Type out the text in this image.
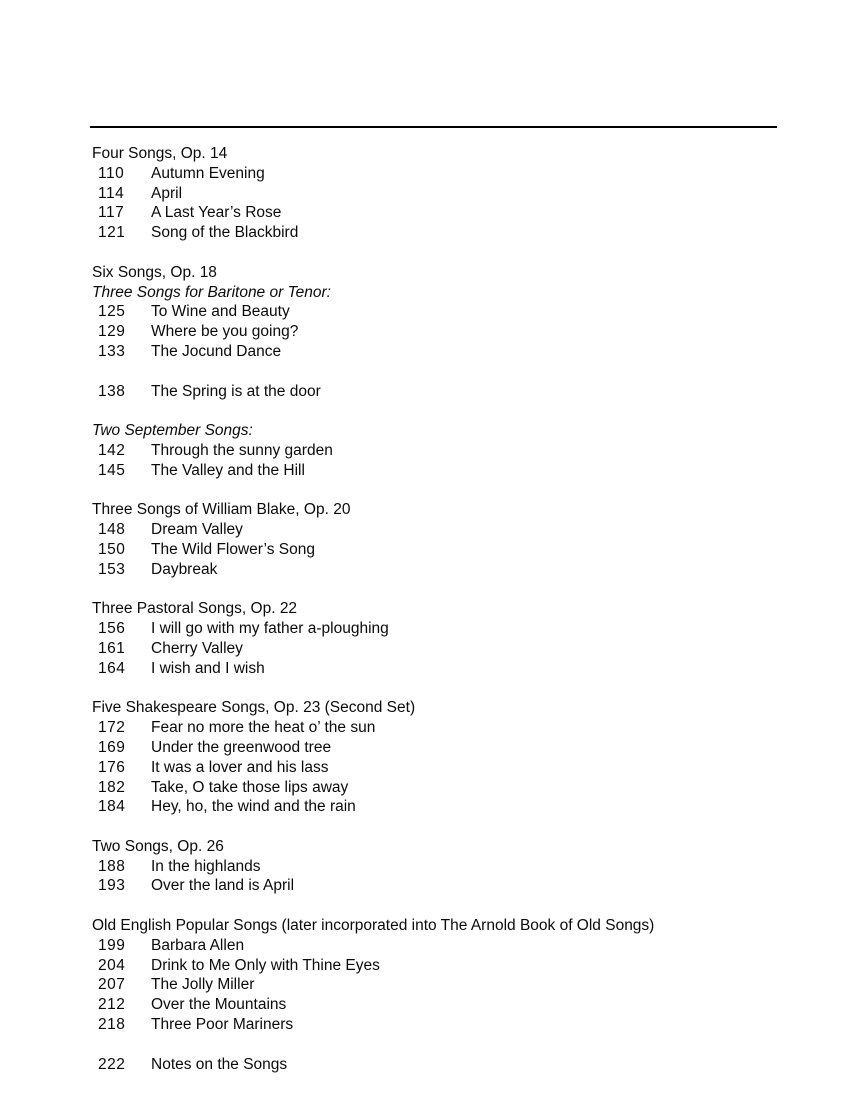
Four Songs, Op. 14
110	Autumn Evening
114	April
117	A Last Year’s Rose
121	Song of the Blackbird
Six Songs, Op. 18
Three Songs for Baritone or Tenor:
125	To Wine and Beauty
129	Where be you going?
133	The Jocund Dance
138	The Spring is at the door
Two September Songs:
142	Through the sunny garden
145	The Valley and the Hill
Three Songs of William Blake, Op. 20
148	Dream Valley
150	The Wild Flower’s Song
153	Daybreak
Three Pastoral Songs, Op. 22
156	I will go with my father a-ploughing
161	Cherry Valley
164	I wish and I wish
Five Shakespeare Songs, Op. 23 (Second Set)
172	Fear no more the heat o’ the sun
169	Under the greenwood tree
176	It was a lover and his lass
182	Take, O take those lips away
184	Hey, ho, the wind and the rain
Two Songs, Op. 26
188	In the highlands
193	Over the land is April
Old English Popular Songs (later incorporated into The Arnold Book of Old Songs)
199	Barbara Allen
204	Drink to Me Only with Thine Eyes
207	The Jolly Miller
212	Over the Mountains
218	Three Poor Mariners
222	Notes on the Songs
